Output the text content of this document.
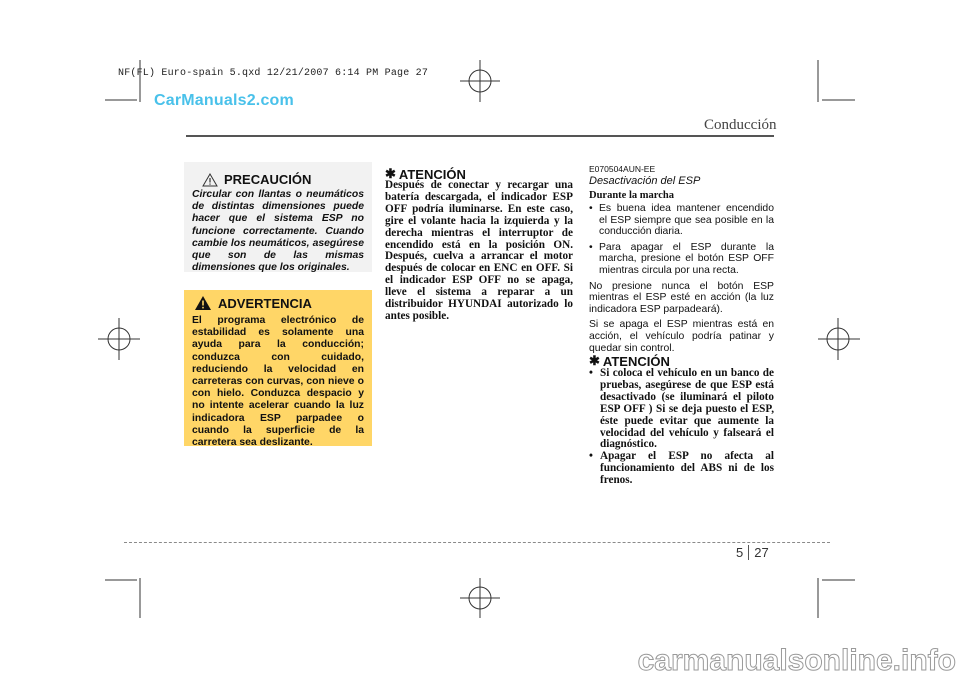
NF(FL) Euro-spain 5.qxd 12/21/2007 6:14 PM Page 27
CarManuals2.com
Conducción
PRECAUCIÓN
Circular con llantas o neumáticos de distintas dimensiones puede hacer que el sistema ESP no funcione correctamente. Cuando cambie los neumáticos, asegúrese que son de las mismas dimensiones que los originales.
ADVERTENCIA
El programa electrónico de estabilidad es solamente una ayuda para la conducción; conduzca con cuidado, reduciendo la velocidad en carreteras con curvas, con nieve o con hielo. Conduzca despacio y no intente acelerar cuando la luz indicadora ESP parpadee o cuando la superficie de la carretera sea deslizante.
✱ ATENCIÓN
Después de conectar y recargar una batería descargada, el indicador ESP OFF podría iluminarse. En este caso, gire el volante hacia la izquierda y la derecha mientras el interruptor de encendido está en la posición ON. Después, cuelva a arrancar el motor después de colocar en ENC en OFF. Si el indicador ESP OFF no se apaga, lleve el sistema a reparar a un distribuidor HYUNDAI autorizado lo antes posible.
E070504AUN-EE
Desactivación del ESP
Durante la marcha
• Es buena idea mantener encendido el ESP siempre que sea posible en la conducción diaria.
• Para apagar el ESP durante la marcha, presione el botón ESP OFF mientras circula por una recta.

No presione nunca el botón ESP mientras el ESP esté en acción (la luz indicadora ESP parpadeará).

Si se apaga el ESP mientras está en acción, el vehículo podría patinar y quedar sin control.

✱ ATENCIÓN
• Si coloca el vehículo en un banco de pruebas, asegúrese de que ESP está desactivado (se iluminará el piloto ESP OFF ) Si se deja puesto el ESP, éste puede evitar que aumente la velocidad del vehículo y falseará el diagnóstico.
• Apagar el ESP no afecta al funcionamiento del ABS ni de los frenos.
5 27
carmanualsonline.info
